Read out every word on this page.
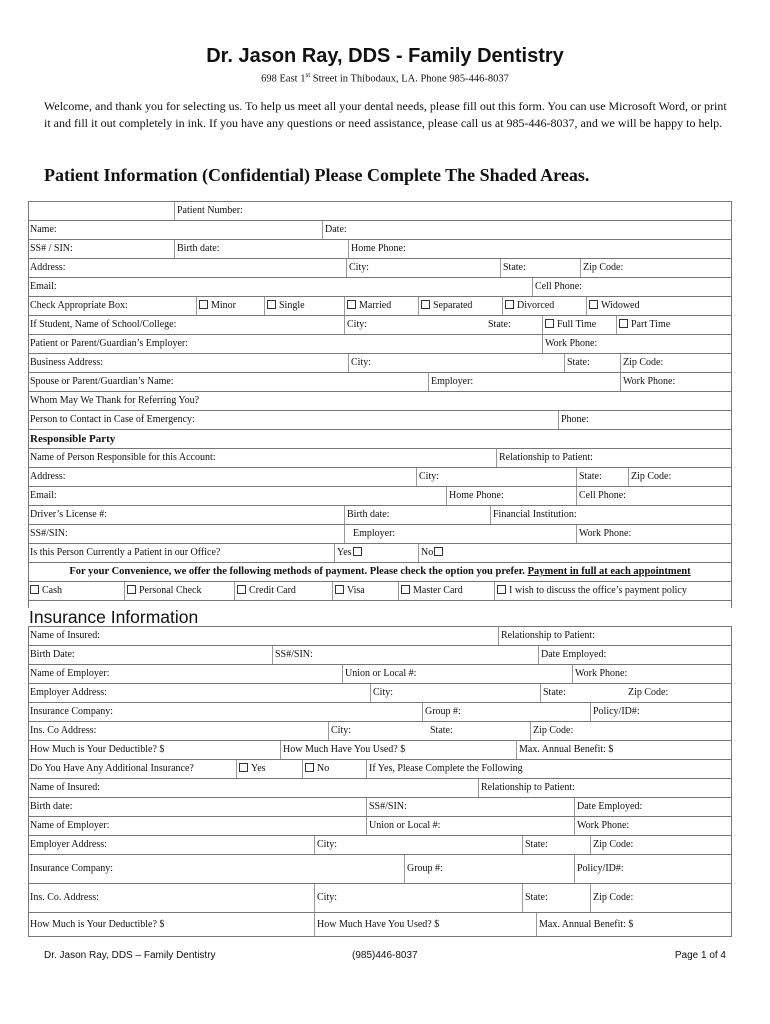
Dr. Jason Ray, DDS - Family Dentistry
698 East 1st Street in Thibodaux, LA. Phone 985-446-8037
Welcome, and thank you for selecting us. To help us meet all your dental needs, please fill out this form. You can use Microsoft Word, or print it and fill it out completely in ink. If you have any questions or need assistance, please call us at 985-446-8037, and we will be happy to help.
Patient Information (Confidential) Please Complete The Shaded Areas.
Patient Number:
Name:	Date:
SS# / SIN:	Birth date:	Home Phone:
Address:	City:	State:	Zip Code:
Email:	Cell Phone:
Check Appropriate Box:	Minor	Single	Married	Separated	Divorced	Widowed
If Student, Name of School/College:	City:	State:	Full Time	Part Time
Patient or Parent/Guardian’s Employer:	Work Phone:
Business Address:	City:	State:	Zip Code:
Spouse or Parent/Guardian’s Name:	Employer:	Work Phone:
Whom May We Thank for Referring You?
Person to Contact in Case of Emergency:	Phone:
Responsible Party
Name of Person Responsible for this Account:	Relationship to Patient:
Address:	City:	State:	Zip Code:
Email:	Home Phone:	Cell Phone:
Driver’s License #:	Birth date:	Financial Institution:
SS#/SIN:	Employer:	Work Phone:
Is this Person Currently a Patient in our Office?	Yes	No
For your Convenience, we offer the following methods of payment. Please check the option you prefer. Payment in full at each appointment
Cash	Personal Check	Credit Card	Visa	Master Card	I wish to discuss the office’s payment policy
Insurance Information
Name of Insured:	Relationship to Patient:
Birth Date:	SS#/SIN:	Date Employed:
Name of Employer:	Union or Local #:	Work Phone:
Employer Address:	City:	State:	Zip Code:
Insurance Company:	Group #:	Policy/ID#:
Ins. Co Address:	City:	State:	Zip Code:
How Much is Your Deductible? $	How Much Have You Used? $	Max. Annual Benefit: $
Do You Have Any Additional Insurance?	Yes	No	If Yes, Please Complete the Following
Name of Insured:	Relationship to Patient:
Birth date:	SS#/SIN:	Date Employed:
Name of Employer:	Union or Local #:	Work Phone:
Employer Address:	City:	State:	Zip Code:
Insurance Company:	Group #:	Policy/ID#:
Ins. Co. Address:	City:	State:	Zip Code:
How Much is Your Deductible? $	How Much Have You Used? $	Max. Annual Benefit: $
Dr. Jason Ray, DDS – Family Dentistry	(985)446-8037	Page 1 of 4
